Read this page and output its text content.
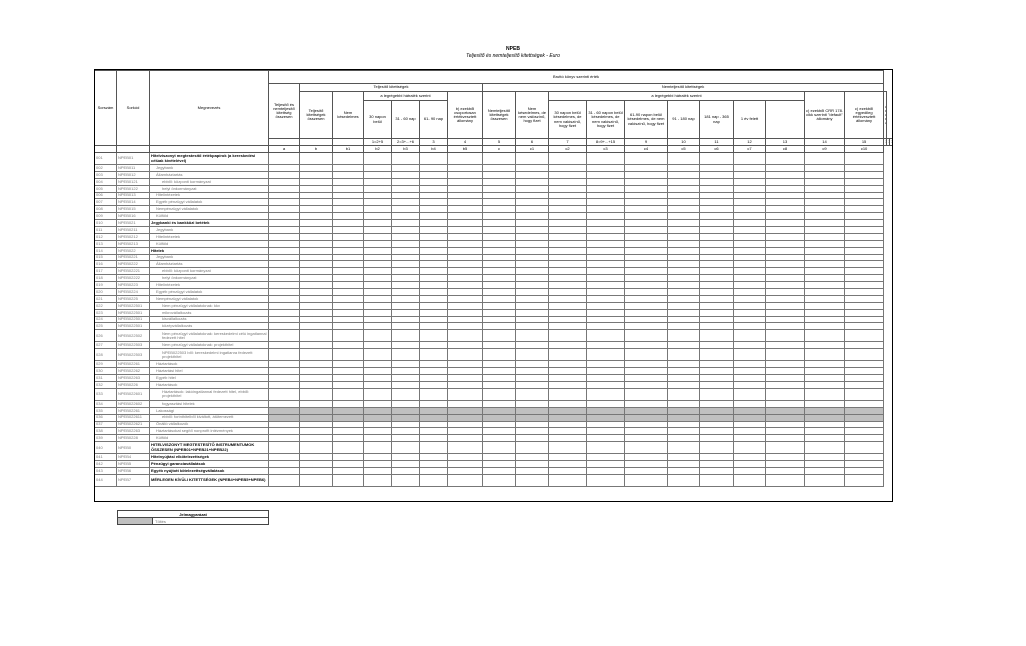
NPEB
Teljesítő és nemteljesítő kitettségek - Euro
Sorszám	Sorkód	Megnevezés	Bruttó könyv szerinti érték																				
			Teljesítő és nemteljesítő kitettség összesen	Teljesítő kitettségek						Nemteljesítő kitettségek													
				Teljesítő kitettségek összesen	Nem késedelmes	a legrégebbi hátralék szerint			b) ezekből csoportosan értékvesztett állomány	Nemteljesítő kitettségek összesen	Nem késedelmes, de nem valószínű, hogy fizet	a legrégebbi hátralék szerint							c) ezekből CRR 178. cikk szerinti "default" állomány	c) ezekből egyedileg értékvesztett állomány	
						30 napon belül	31 - 60 nap	61- 90 nap				30 napon belül késedelmes, de nem valószínű, hogy fizet	31 - 60 napon belül késedelmes, de nem valószínű, hogy fizet	61-90 napon belül késedelmes, de nem valószínű, hogy fizet	91 - 180 nap	181 nap - 365 nap	1 év felett						
						1=2+5	2=3+...+6	3	4	5	6	7	8=9+...+15	9	10	11	12	13	14	15			
			a	b	b1	b2	b3	b4	b5	c	c1	c2	c3	c4	c5	c6	c7	c8	c9	c10			
001	NPEB01	Hitelviszonyt megtestesítő értékpapírok (a kereskedési célúak kivételével)																					
002	NPEB011	Jegybank																					
003	NPEB012	Államháztartás																					
004	NPEB0121	ebből: központi kormányzat																					
005	NPEB0122	helyi önkormányzat																					
006	NPEB013	Hitelintézetek																					
007	NPEB014	Egyéb pénzügyi vállalatok																					
008	NPEB015	Nempénzügyi vállalatok																					
009	NPEB016	Külföld																					
010	NPEB021	Jegybanki és bankközi betétek																					
011	NPEB0211	Jegybank																					
012	NPEB0212	Hitelintézetek																					
013	NPEB0213	Külföld																					
014	NPEB022	Hitelek																					
015	NPEB0221	Jegybank																					
016	NPEB0222	Államháztartás																					
017	NPEB02221	ebből: központi kormányzat																					
018	NPEB02222	helyi önkormányzat																					
019	NPEB0223	Hitelintézetek																					
020	NPEB0224	Egyéb pénzügyi vállalatok																					
021	NPEB0225	Nempénzügyi vállalatok																					
022	NPEB022501	Nem pénzügyi vállalatoknak: kkv																					
023	NPEB022501	mikrovállalkozás																					
024	NPEB022501	kisvállalkozás																					
025	NPEB022501	középvállalkozás																					
026	NPEB022502	Nem pénzügyi vállalatoknak: kereskedelmi célú ingatlannal fedezett hitel																					
027	NPEB022503	Nem pénzügyi vállalatoknak: projekthitel																					
028	NPEB022503	NPEB022503 ből: kereskedelmi ingatlanra fedezett projekthitel																					
029	NPEB02261	Háztartások																					
030	NPEB02262	Háztartási hitel																					
031	NPEB02263	Egyéb hitel																					
032	NPEB0226	Háztartások																					
033	NPEB022601	Háztartások: lakóingatlannal fedezett hitel, ebből: projekthitel																					
034	NPEB022602	fogyasztási hitelek																					
035	NPEB02261	Lakossági																					
036	NPEB022611	ebből: forinthitelből kiváltott, átütemezett																					
037	NPEB022621	Önálló vállalkozók																					
038	NPEB02263	Háztartásokat segítő nonprofit intézmények																					
039	NPEB0228	Külföld																					
040	NPEB0	HITELVISZONYT MEGTESTESÍTŐ INSTRUMENTUMOK ÖSSZESEN (NPEB01+NPEB21+NPEB22)																					
041	NPEB4	Hitelnyújtási elkötelezettségek																					
042	NPEB5	Pénzügyi garanciavállalások																					
043	NPEB6	Egyéb nyújtott kötelezettségvállalások																					
044	NPEB7	MÉRLEGEN KÍVÜLI KITETTSÉGEK (NPEB4+NPEB5+NPEB6)																					
Jelmagyarázat
	Töltés
